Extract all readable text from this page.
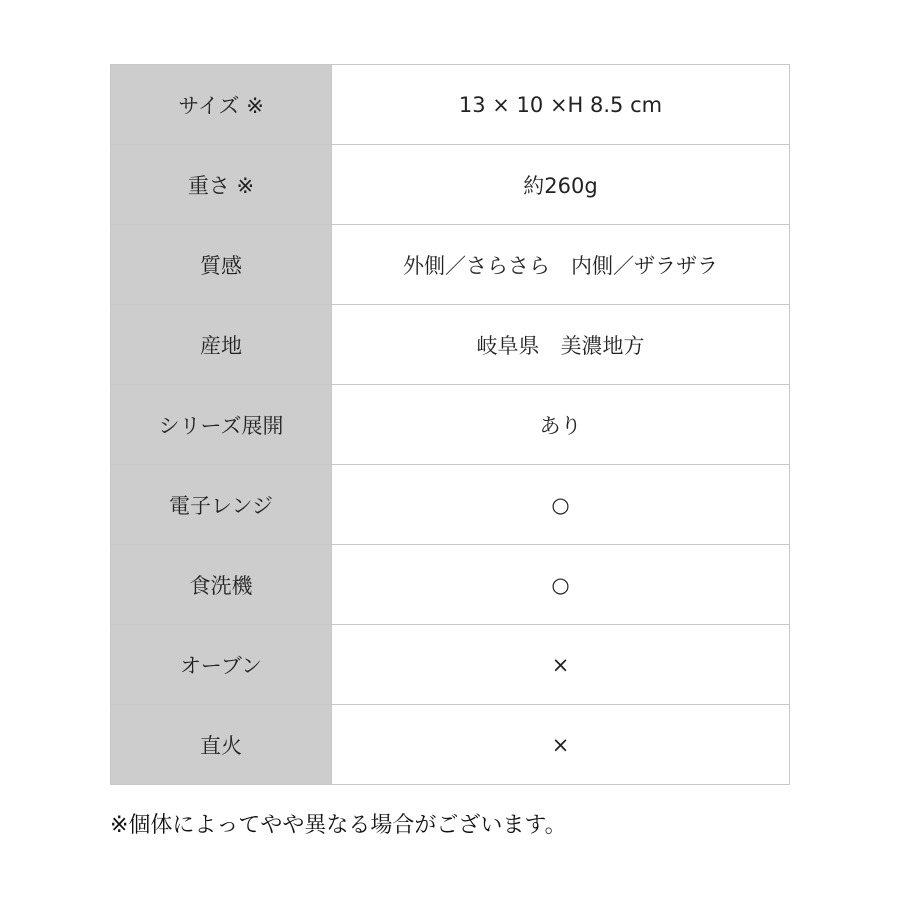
サイズ ※	13 × 10 ×H 8.5 cm
重さ ※	約260g
質感	外側／さらさら　内側／ザラザラ
産地	岐阜県　美濃地方
シリーズ展開	あり
電子レンジ	○
食洗機	○
オーブン	×
直火	×
※個体によってやや異なる場合がございます。
